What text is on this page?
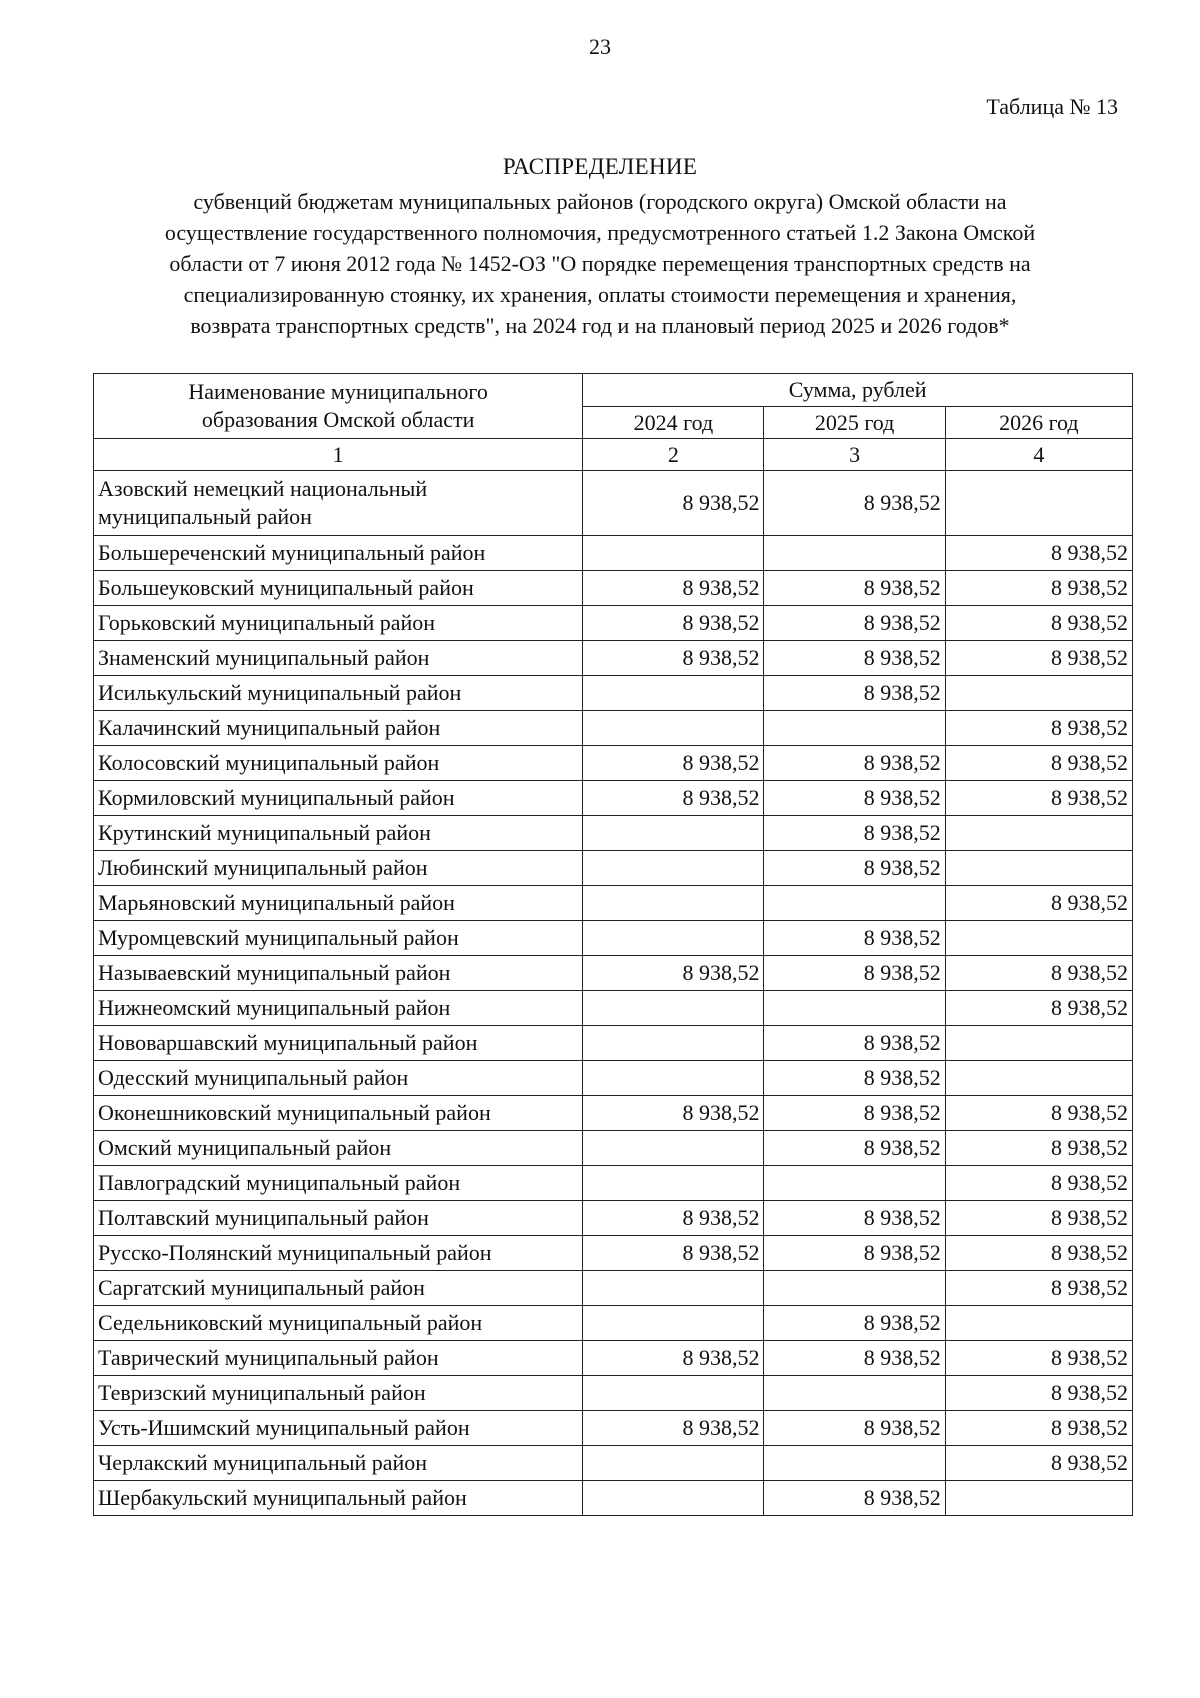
23
Таблица № 13
РАСПРЕДЕЛЕНИЕ
субвенций бюджетам муниципальных районов (городского округа) Омской области на
осуществление государственного полномочия, предусмотренного статьей 1.2 Закона Омской
области от 7 июня 2012 года № 1452-ОЗ "О порядке перемещения транспортных средств на
специализированную стоянку, их хранения, оплаты стоимости перемещения и хранения,
возврата транспортных средств", на 2024 год и на плановый период 2025 и 2026 годов*
Наименование муниципального
образования Омской области	Сумма, рублей		
	2024 год	2025 год	2026 год
1	2	3	4

Азовский немецкий национальный
муниципальный район	8 938,52	8 938,52	
Большереченский муниципальный район			8 938,52
Большеуковский муниципальный район	8 938,52	8 938,52	8 938,52
Горьковский муниципальный район	8 938,52	8 938,52	8 938,52
Знаменский муниципальный район	8 938,52	8 938,52	8 938,52
Исилькульский муниципальный район		8 938,52	
Калачинский муниципальный район			8 938,52
Колосовский муниципальный район	8 938,52	8 938,52	8 938,52
Кормиловский муниципальный район	8 938,52	8 938,52	8 938,52
Крутинский муниципальный район		8 938,52	
Любинский муниципальный район		8 938,52	
Марьяновский муниципальный район			8 938,52
Муромцевский муниципальный район		8 938,52	
Называевский муниципальный район	8 938,52	8 938,52	8 938,52
Нижнеомский муниципальный район			8 938,52
Нововаршавский муниципальный район		8 938,52	
Одесский муниципальный район		8 938,52	
Оконешниковский муниципальный район	8 938,52	8 938,52	8 938,52
Омский муниципальный район		8 938,52	8 938,52
Павлоградский муниципальный район			8 938,52
Полтавский муниципальный район	8 938,52	8 938,52	8 938,52
Русско-Полянский муниципальный район	8 938,52	8 938,52	8 938,52
Саргатский муниципальный район			8 938,52
Седельниковский муниципальный район		8 938,52	
Таврический муниципальный район	8 938,52	8 938,52	8 938,52
Тевризский муниципальный район			8 938,52
Усть-Ишимский муниципальный район	8 938,52	8 938,52	8 938,52
Черлакский муниципальный район			8 938,52
Шербакульский муниципальный район		8 938,52	
